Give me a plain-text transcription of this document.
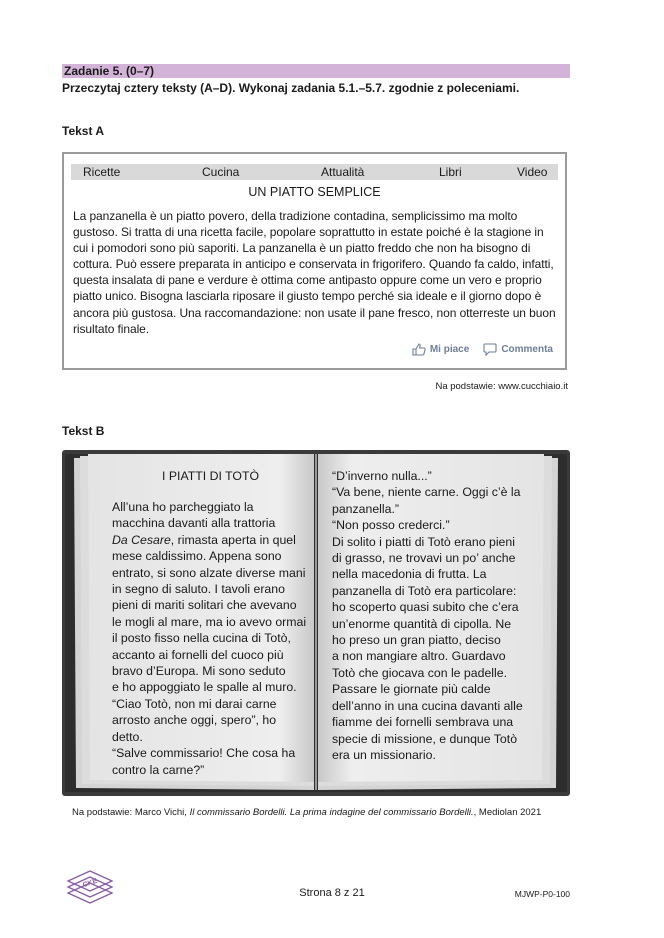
Zadanie 5. (0–7)
Przeczytaj cztery teksty (A–D). Wykonaj zadania 5.1.–5.7. zgodnie z poleceniami.
Tekst A
Ricette	Cucina	Attualità	Libri	Video
UN PIATTO SEMPLICE
La panzanella è un piatto povero, della tradizione contadina, semplicissimo ma molto gustoso. Si tratta di una ricetta facile, popolare soprattutto in estate poiché è la stagione in cui i pomodori sono più saporiti. La panzanella è un piatto freddo che non ha bisogno di cottura. Può essere preparata in anticipo e conservata in frigorifero. Quando fa caldo, infatti, questa insalata di pane e verdure è ottima come antipasto oppure come un vero e proprio piatto unico. Bisogna lasciarla riposare il giusto tempo perché sia ideale e il giorno dopo è ancora più gustosa. Una raccomandazione: non usate il pane fresco, non otterreste un buon risultato finale.
Mi piace	Commenta
Na podstawie: www.cucchiaio.it
Tekst B
I PIATTI DI TOTÒ
All’una ho parcheggiato la
macchina davanti alla trattoria
Da Cesare, rimasta aperta in quel
mese caldissimo. Appena sono
entrato, si sono alzate diverse mani
in segno di saluto. I tavoli erano
pieni di mariti solitari che avevano
le mogli al mare, ma io avevo ormai
il posto fisso nella cucina di Totò,
accanto ai fornelli del cuoco più
bravo d’Europa. Mi sono seduto
e ho appoggiato le spalle al muro.
“Ciao Totò, non mi darai carne
arrosto anche oggi, spero”, ho
detto.
“Salve commissario! Che cosa ha
contro la carne?”
“D’inverno nulla...”
“Va bene, niente carne. Oggi c’è la
panzanella.”
“Non posso crederci.”
Di solito i piatti di Totò erano pieni
di grasso, ne trovavi un po’ anche
nella macedonia di frutta. La
panzanella di Totò era particolare:
ho scoperto quasi subito che c’era
un’enorme quantità di cipolla. Ne
ho preso un gran piatto, deciso
a non mangiare altro. Guardavo
Totò che giocava con le padelle.
Passare le giornate più calde
dell’anno in una cucina davanti alle
fiamme dei fornelli sembrava una
specie di missione, e dunque Totò
era un missionario.
Na podstawie: Marco Vichi, Il commissario Bordelli. La prima indagine del commissario Bordelli., Mediolan 2021
CKE
Strona 8 z 21	MJWP-P0-100
